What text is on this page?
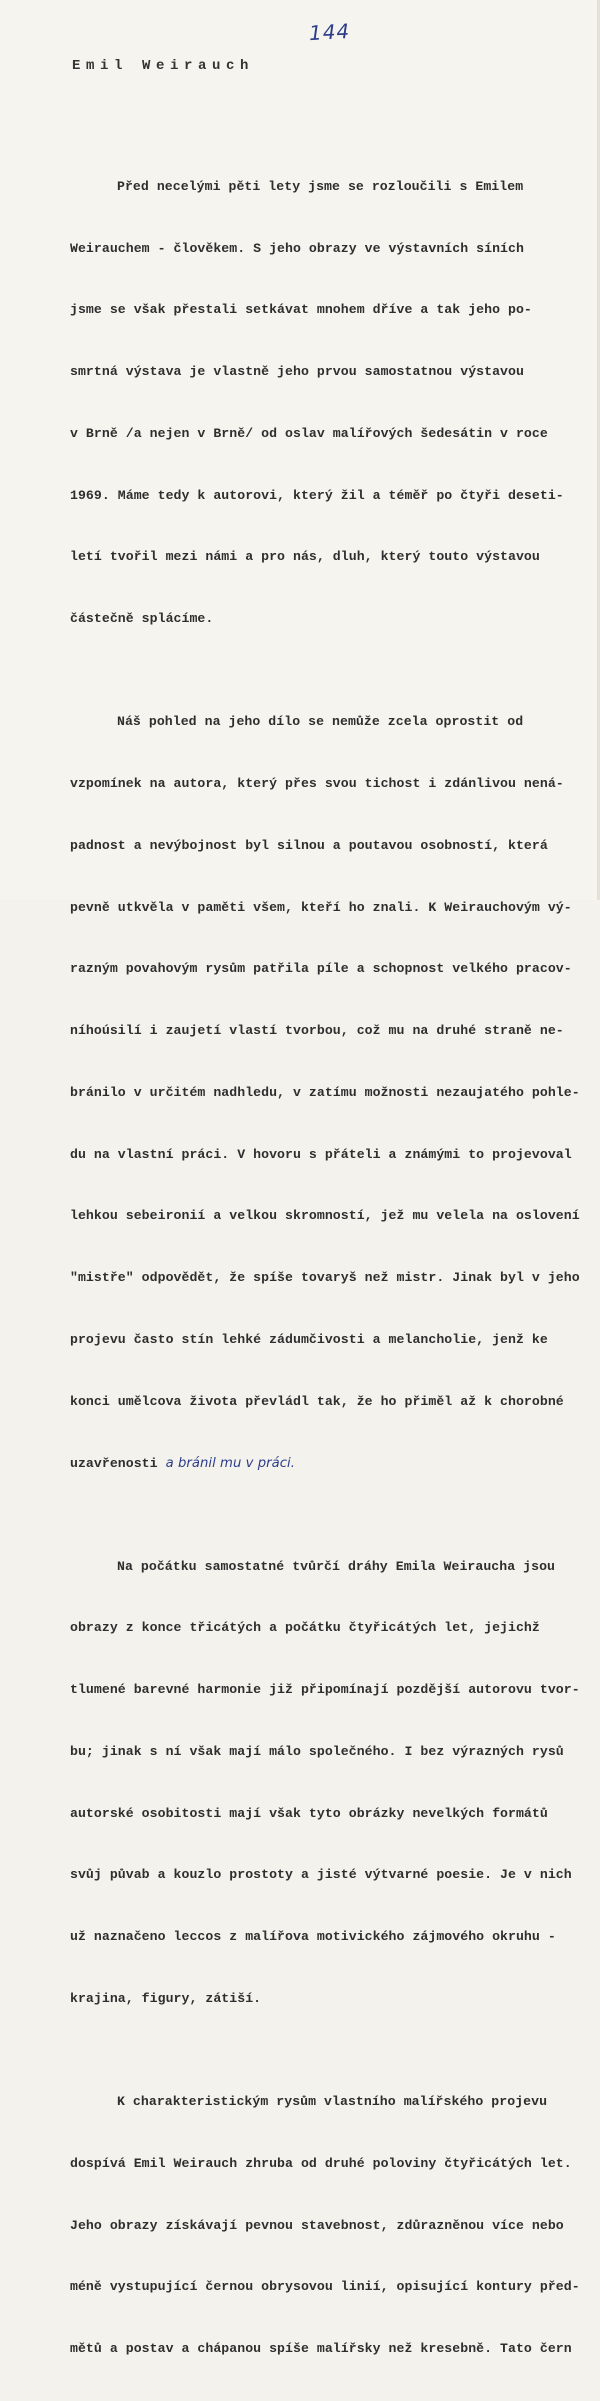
144
Emil Weirauch

Před necelými pěti lety jsme se rozloučili s Emilem

Weirauchem - člověkem. S jeho obrazy ve výstavních síních

jsme se však přestali setkávat mnohem dříve a tak jeho po-

smrtná výstava je vlastně jeho prvou samostatnou výstavou

v Brně /a nejen v Brně/ od oslav malířových šedesátin v roce

1969. Máme tedy k autorovi, který žil a téměř po čtyři deseti-

letí tvořil mezi námi a pro nás, dluh, který touto výstavou

částečně splácíme.

Náš pohled na jeho dílo se nemůže zcela oprostit od

vzpomínek na autora, který přes svou tichost i zdánlivou nená-

padnost a nevýbojnost byl silnou a poutavou osobností, která

pevně utkvěla v paměti všem, kteří ho znali. K Weirauchovým vý-

razným povahovým rysům patřila píle a schopnost velkého pracov-

níhoúsilí i zaujetí vlastí tvorbou, což mu na druhé straně ne-

bránilo v určitém nadhledu, v zatímu možnosti nezaujatého pohle-

du na vlastní práci. V hovoru s přáteli a známými to projevoval

lehkou sebeironií a velkou skromností, jež mu velela na oslovení

"mistře" odpovědět, že spíše tovaryš než mistr. Jinak byl v jeho

projevu často stín lehké zádumčivosti a melancholie, jenž ke

konci umělcova života převládl tak, že ho přiměl až k chorobné

uzavřenosti a bránil mu v práci.

Na počátku samostatné tvůrčí dráhy Emila Weiraucha jsou

obrazy z konce třicátých a počátku čtyřicátých let, jejichž

tlumené barevné harmonie již připomínají pozdější autorovu tvor-

bu; jinak s ní však mají málo společného. I bez výrazných rysů

autorské osobitosti mají však tyto obrázky nevelkých formátů

svůj půvab a kouzlo prostoty a jisté výtvarné poesie. Je v nich

už naznačeno leccos z malířova motivického zájmového okruhu -

krajina, figury, zátiší.

K charakteristickým rysům vlastního malířského projevu

dospívá Emil Weirauch zhruba od druhé poloviny čtyřicátých let.

Jeho obrazy získávají pevnou stavebnost, zdůrazněnou více nebo

méně vystupující černou obrysovou linií, opisující kontury před-

mětů a postav a chápanou spíše malířsky než kresebně. Tato čern
